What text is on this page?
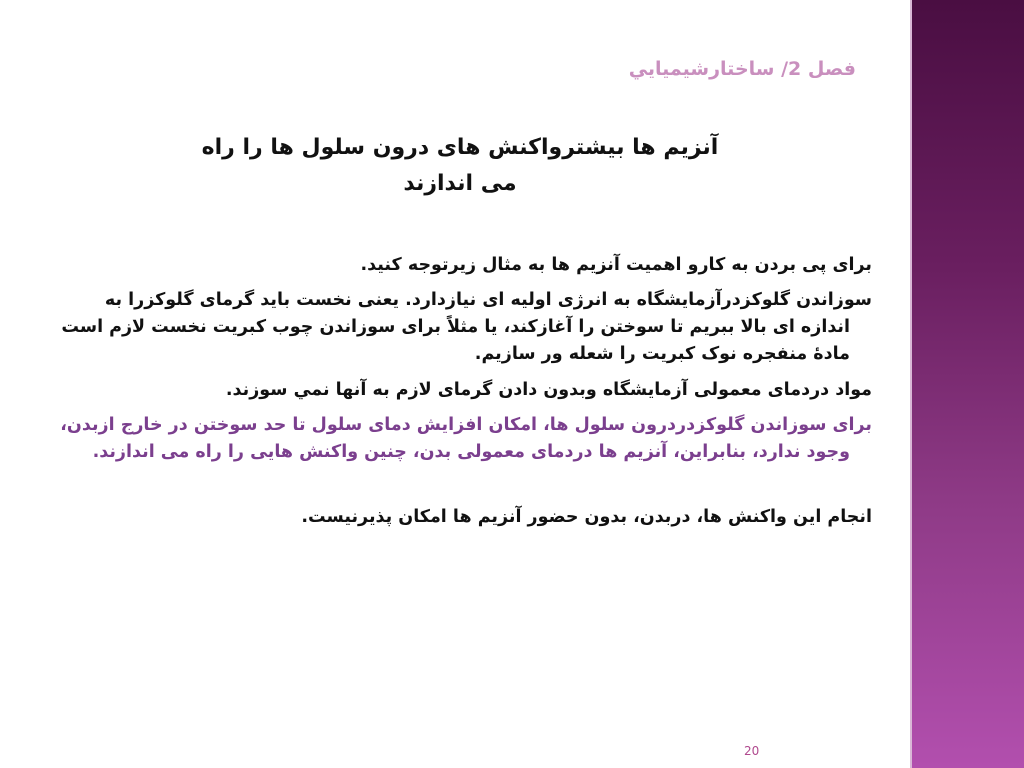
فصل 2/ ساختارشيميايي
آنزیم ها بیشترواکنش های درون سلول ها را راه می اندازند

برای پی بردن به کارو اهمیت آنزیم ها به مثال زیرتوجه کنید.

سوزاندن گلوکزدرآزمایشگاه به انرژی اولیه ای نیازدارد. یعنی نخست باید گرمای گلوکزرا به اندازه ای بالا ببریم تا سوختن را آغازکند، یا مثلاً برای سوزاندن چوب کبریت نخست لازم است مادۀ منفجره نوک کبریت را شعله ور سازیم.

مواد دردمای معمولی آزمایشگاه وبدون دادن گرمای لازم به آنها نمي سوزند.

برای سوزاندن گلوکزدردرون سلول ها، امکان افزایش دمای سلول تا حد سوختن در خارج ازبدن، وجود ندارد، بنابراین، آنزیم ها دردمای معمولی بدن، چنین واکنش هایی را راه می اندازند.

انجام این واکنش ها، دربدن، بدون حضور آنزیم ها امکان پذیرنیست.

20
